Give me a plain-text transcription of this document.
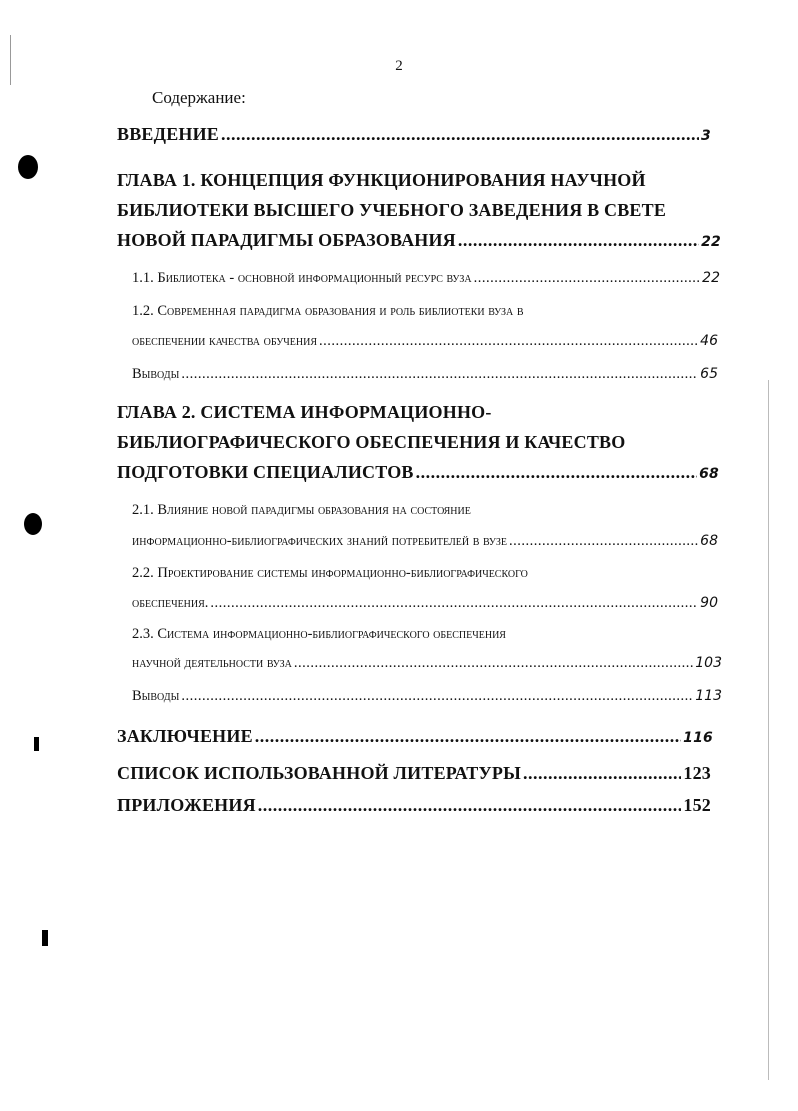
2
Содержание:
ВВЕДЕНИЕ .....	3
ГЛАВА 1. КОНЦЕПЦИЯ ФУНКЦИОНИРОВАНИЯ НАУЧНОЙ
БИБЛИОТЕКИ ВЫСШЕГО УЧЕБНОГО ЗАВЕДЕНИЯ В СВЕТЕ
НОВОЙ ПАРАДИГМЫ ОБРАЗОВАНИЯ .....	22
1.1. Библиотека - основной информационный ресурс вуза .....	22
1.2. Современная парадигма образования и роль библиотеки вуза в
обеспечении качества обучения .....	46
Выводы .....	65
ГЛАВА 2. СИСТЕМА ИНФОРМАЦИОННО-
БИБЛИОГРАФИЧЕСКОГО ОБЕСПЕЧЕНИЯ И КАЧЕСТВО
ПОДГОТОВКИ СПЕЦИАЛИСТОВ .....	68
2.1. Влияние новой парадигмы образования на состояние
информационно-библиографических знаний потребителей в вузе .....	68
2.2. Проектирование системы информационно-библиографического
обеспечения. .....	90
2.3. Система информационно-библиографического обеспечения
научной деятельности вуза .....	103
Выводы .....	113
ЗАКЛЮЧЕНИЕ .....	116
СПИСОК ИСПОЛЬЗОВАННОЙ ЛИТЕРАТУРЫ .....	123
ПРИЛОЖЕНИЯ .....	152
